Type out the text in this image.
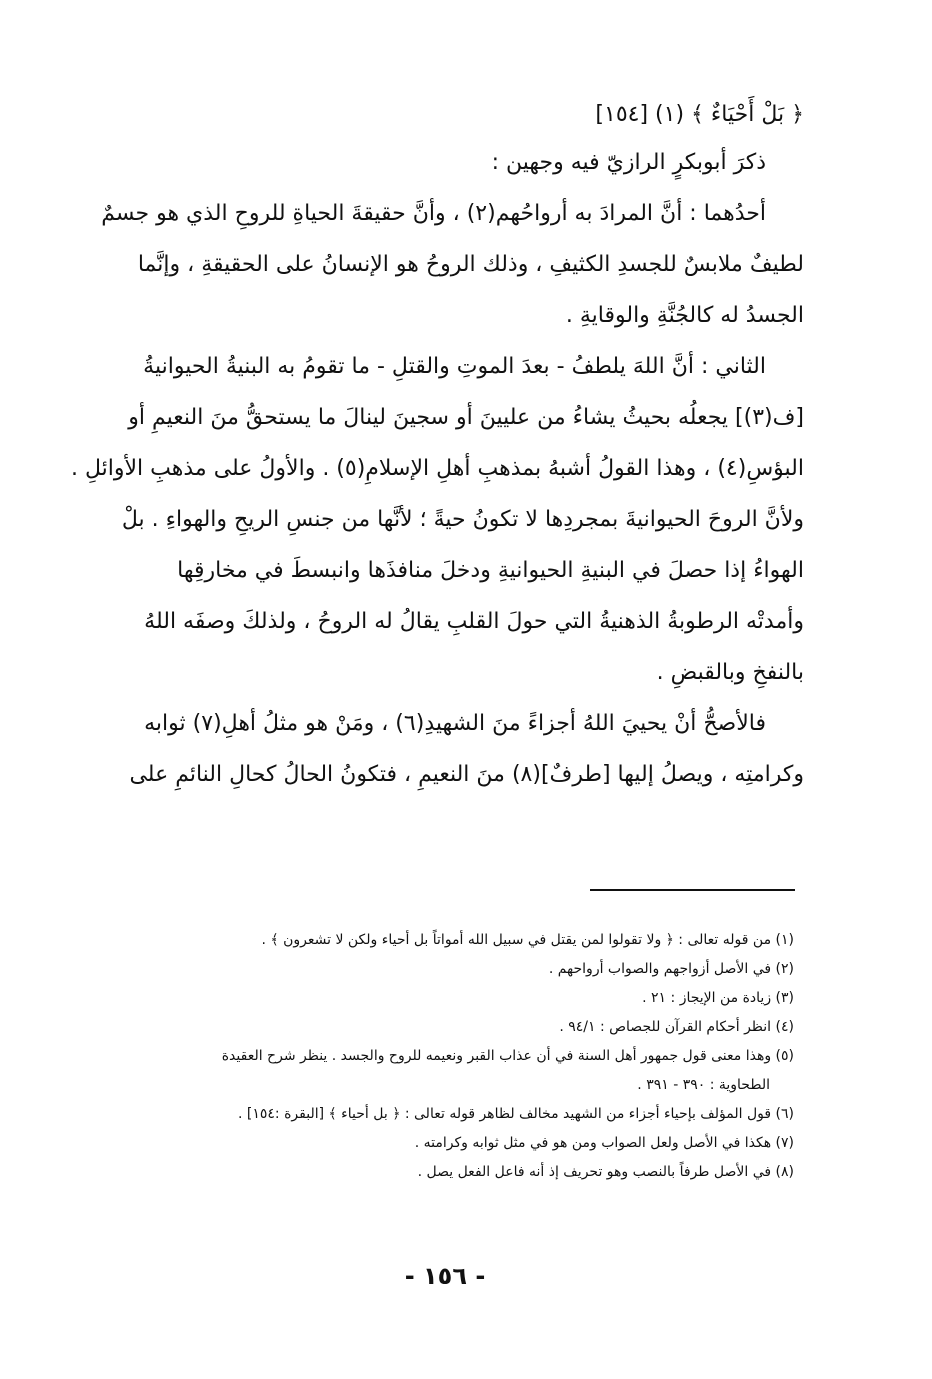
﴿ بَلْ أَحْيَاءٌ ﴾ (١) [١٥٤]
ذكرَ أبوبكرٍ الرازيّ فيه وجهين :
أحدُهما : أنَّ المرادَ به أرواحُهم(٢) ، وأنَّ حقيقةَ الحياةِ للروحِ الذي هو جسمٌ
لطيفٌ ملابسٌ للجسدِ الكثيفِ ، وذلك الروحُ هو الإنسانُ على الحقيقةِ ، وإنَّما
الجسدُ له كالجُنَّةِ والوقايةِ .
الثاني : أنَّ اللهَ يلطفُ - بعدَ الموتِ والقتلِ - ما تقومُ به البنيةُ الحيوانيةُ
[ف(٣)] يجعلُه بحيثُ يشاءُ من عليينَ أو سجينَ لينالَ ما يستحقُّ منَ النعيمِ أو
البؤسِ(٤) ، وهذا القولُ أشبهُ بمذهبِ أهلِ الإسلامِ(٥) . والأولُ على مذهبِ الأوائلِ .
ولأنَّ الروحَ الحيوانيةَ بمجردِها لا تكونُ حيةً ؛ لأنَّها من جنسِ الريحِ والهواءِ . بلْ
الهواءُ إذا حصلَ في البنيةِ الحيوانيةِ ودخلَ منافذَها وانبسطَ في مخارقِها
وأمدتْه الرطوبةُ الذهنيةُ التي حولَ القلبِ يقالُ له الروحُ ، ولذلكَ وصفَه اللهُ
بالنفخِ وبالقبضِ .
فالأصحُّ أنْ يحييَ اللهُ أجزاءً منَ الشهيدِ(٦) ، ومَنْ هو مثلُ أهلِ(٧) ثوابه
وكرامتِه ، ويصلُ إليها [طرفٌ](٨) منَ النعيمِ ، فتكونُ الحالُ كحالِ النائمِ على
(١) من قوله تعالى : ﴿ ولا تقولوا لمن يقتل في سبيل الله أمواتاً بل أحياء ولكن لا تشعرون ﴾ .
(٢) في الأصل أزواجهم والصواب أرواحهم .
(٣) زيادة من الإيجاز : ٢١ .
(٤) انظر أحكام القرآن للجصاص : ٩٤/١ .
(٥) وهذا معنى قول جمهور أهل السنة في أن عذاب القبر ونعيمه للروح والجسد . ينظر شرح العقيدة
الطحاوية : ٣٩٠ - ٣٩١ .
(٦) قول المؤلف بإحياء أجزاء من الشهيد مخالف لظاهر قوله تعالى : ﴿ بل أحياء ﴾ [البقرة :١٥٤] .
(٧) هكذا في الأصل ولعل الصواب ومن هو في مثل ثوابه وكرامته .
(٨) في الأصل طرفاً بالنصب وهو تحريف إذ أنه فاعل الفعل يصل .
- ١٥٦ -
